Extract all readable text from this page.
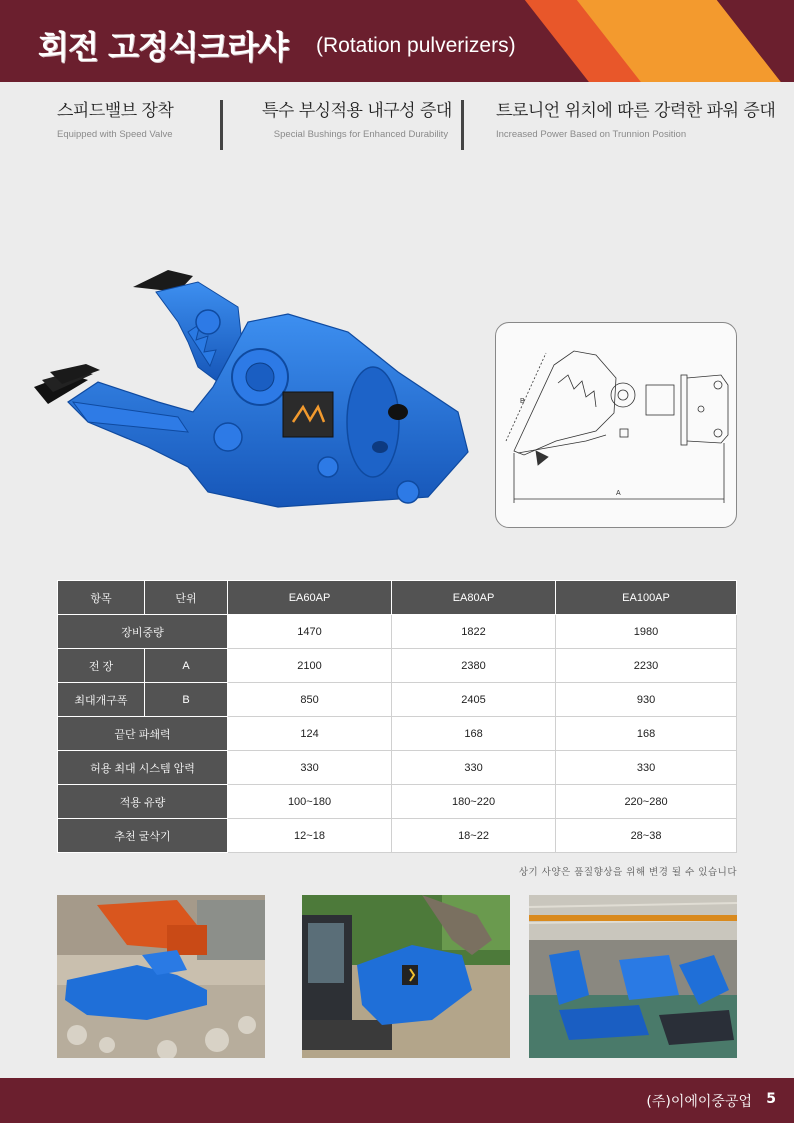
회전 고정식크라샤 (Rotation pulverizers)
스피드밸브 장착
Equipped with Speed Valve
특수 부싱적용 내구성 증대
Special Bushings for Enhanced Durability
트로니언 위치에 따른 강력한 파워 증대
Increased Power Based on Trunnion Position
A
B
항목	단위	EA60AP	EA80AP	EA100AP
장비중량		1470	1822	1980
전 장	A	2100	2380	2230
최대개구폭	B	850	2405	930
끝단 파쇄력		124	168	168
허용 최대 시스템 압력		330	330	330
적용 유량		100~180	180~220	220~280
추천 굴삭기		12~18	18~22	28~38
상기 사양은 품질향상을 위해 변경 될 수 있습니다
(주)이에이중공업 5
